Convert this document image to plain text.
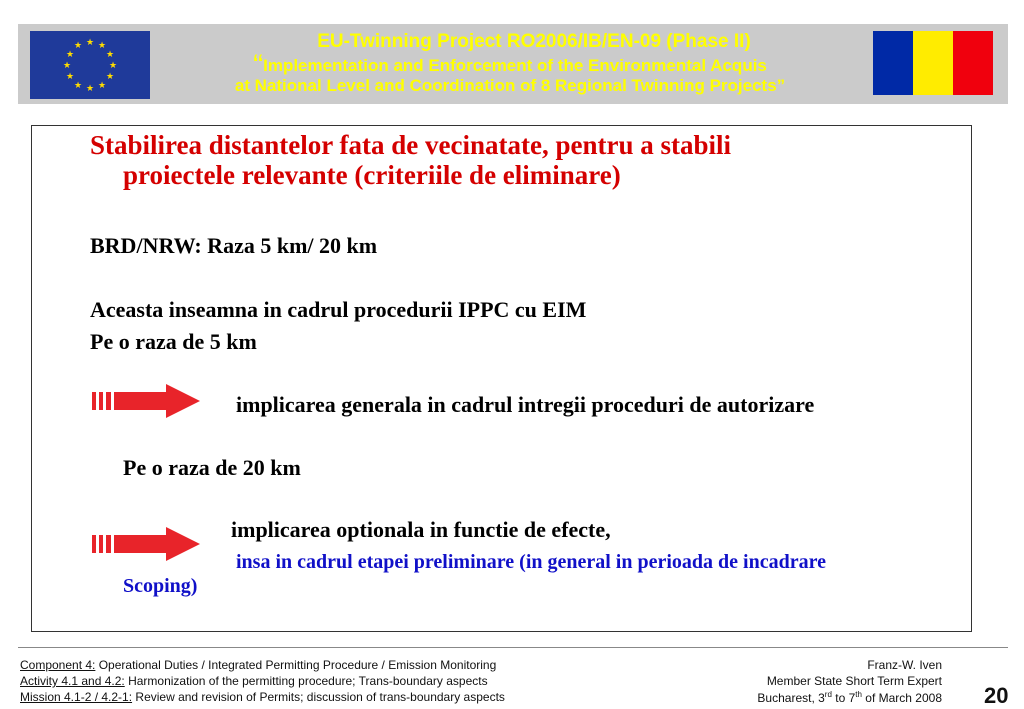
★ ★
★
★
★
★
★
★
★
★
★
★	EU-Twinning Project RO2006/IB/EN-09 (Phase II)
“Implementation and Enforcement of the Environmental Acquis
at National Level and Coordination of 8 Regional Twinning Projects”
Stabilirea distantelor fata de vecinatate, pentru a stabili
proiectele relevante (criteriile de eliminare)
BRD/NRW: Raza 5 km/ 20 km
Aceasta inseamna in cadrul procedurii IPPC cu EIM
Pe o raza de 5 km
implicarea generala in cadrul intregii proceduri de autorizare
Pe o raza de 20 km
implicarea optionala in functie de efecte,
insa in cadrul etapei preliminare (in general in perioada de incadrare
Scoping)
Component 4: Operational Duties / Integrated Permitting Procedure / Emission Monitoring
Activity 4.1 and 4.2: Harmonization of the permitting procedure; Trans-boundary aspects
Mission 4.1-2 / 4.2-1: Review and revision of Permits; discussion of trans-boundary aspects
Franz-W. Iven
Member State Short Term Expert
Bucharest, 3rd to 7th of March 2008 20
